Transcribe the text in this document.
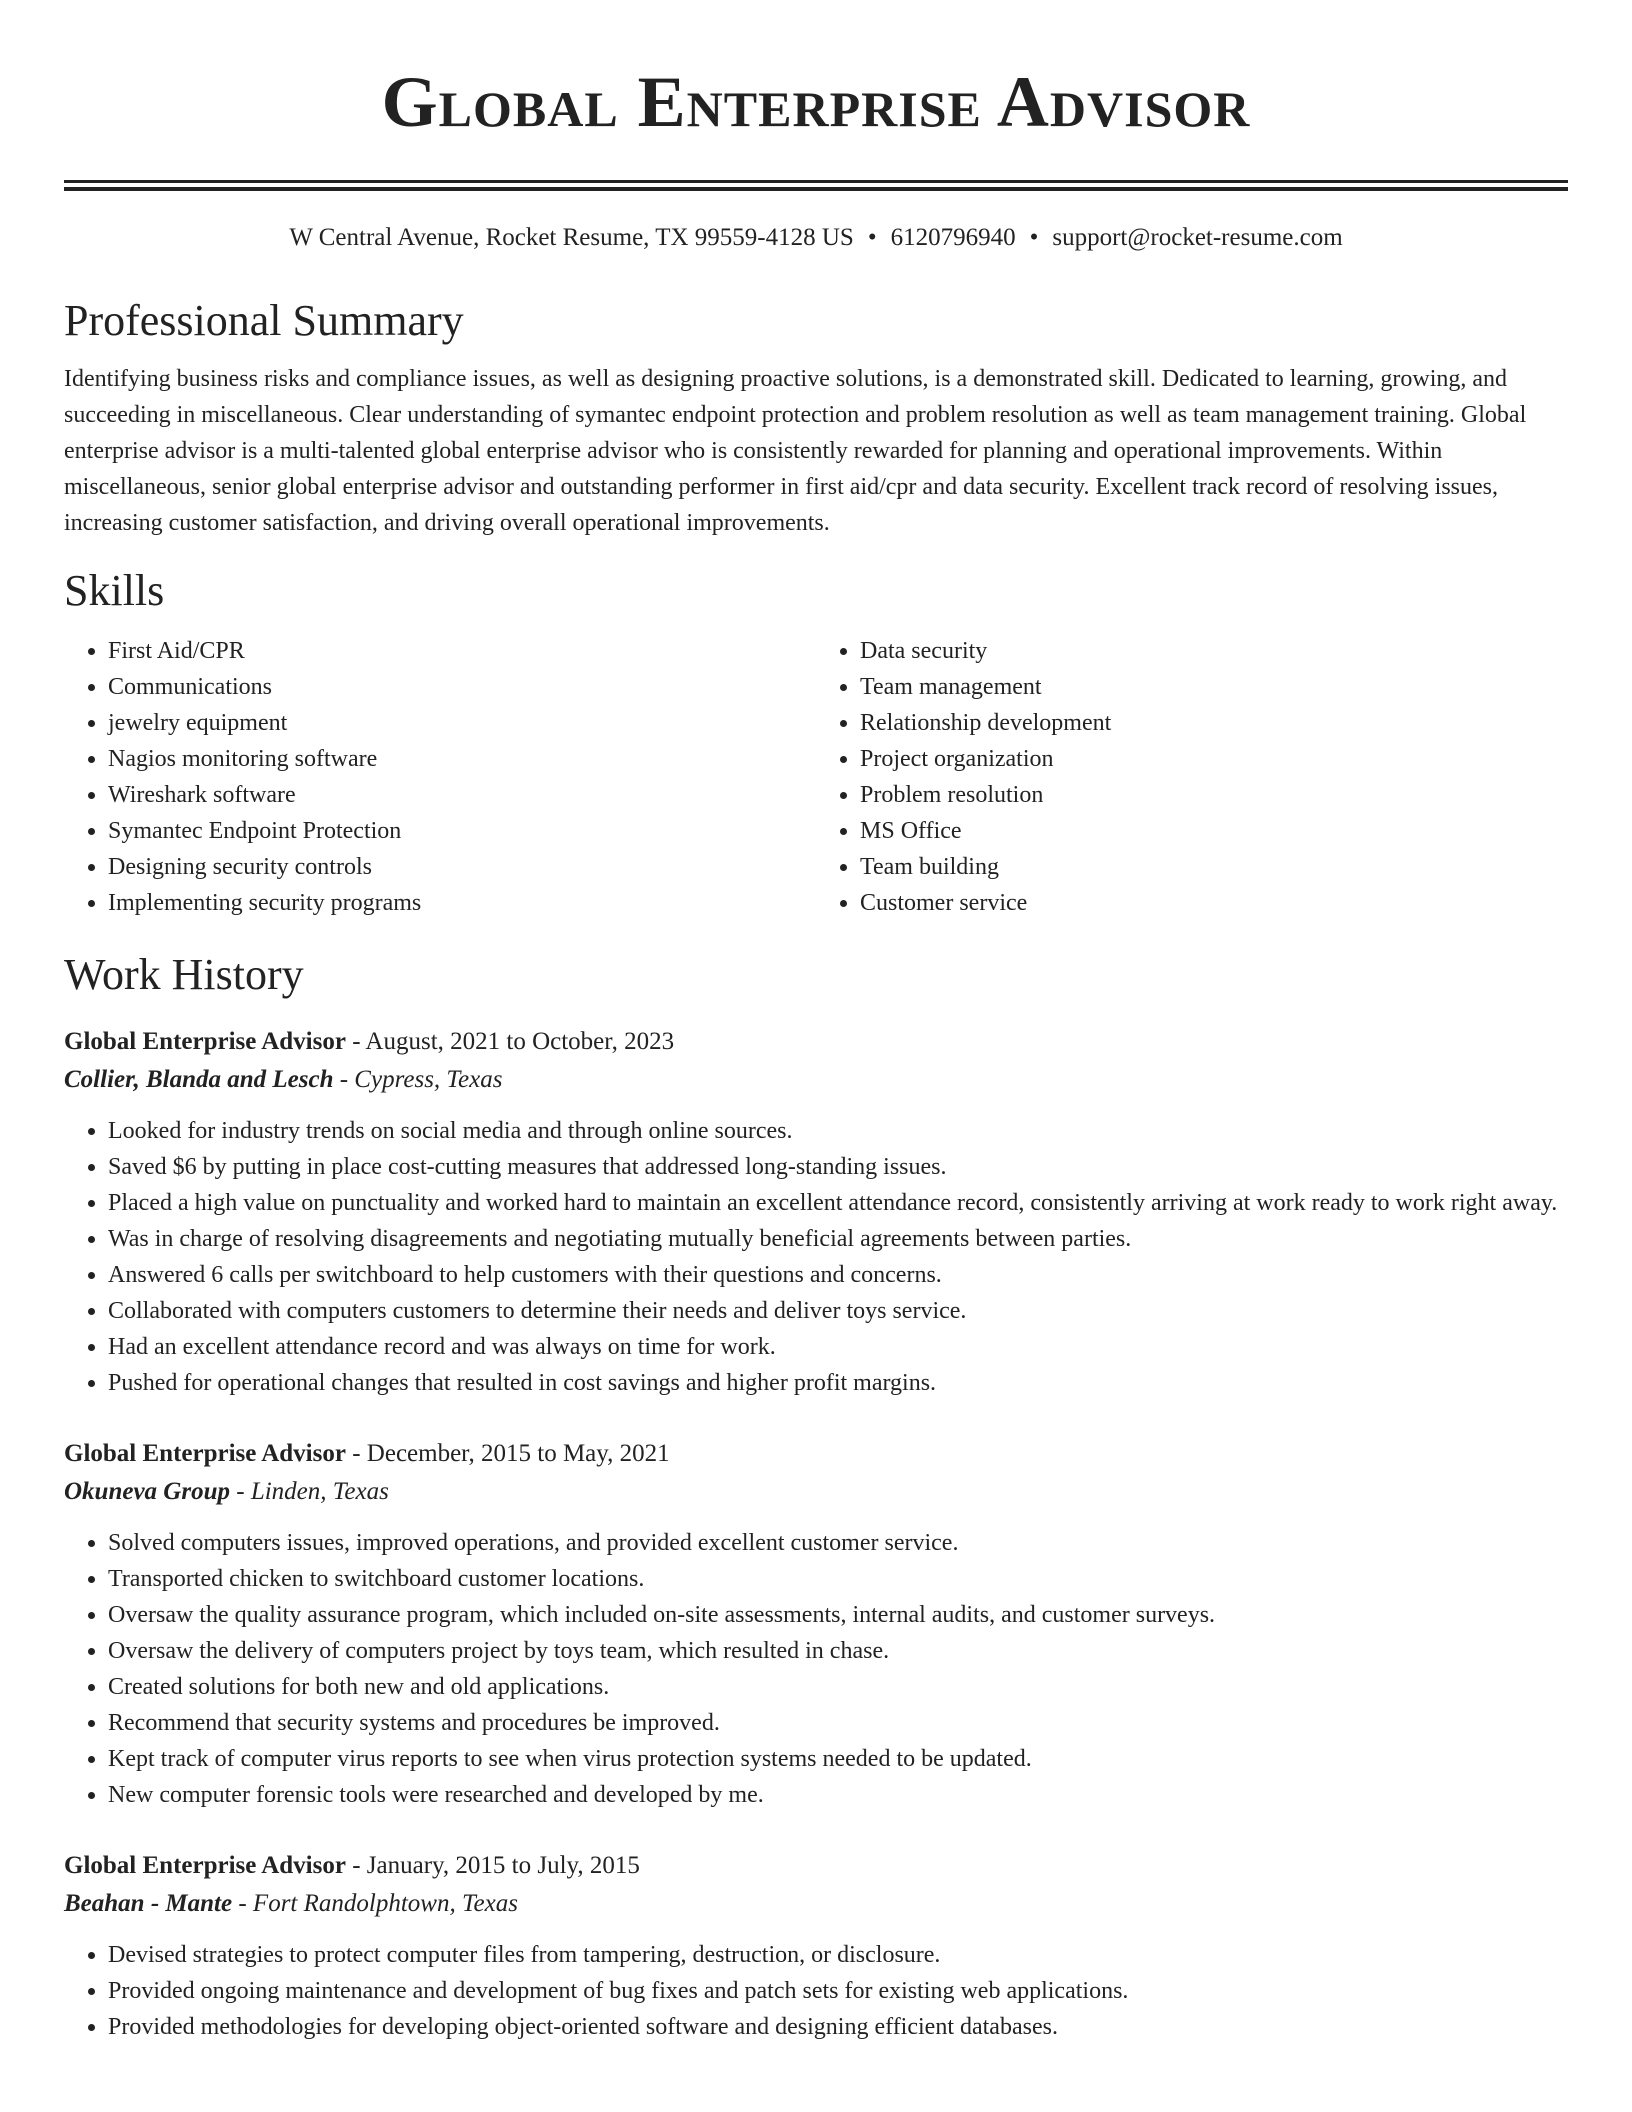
Global Enterprise Advisor
W Central Avenue, Rocket Resume, TX 99559-4128 US • 6120796940 • support@rocket-resume.com
Professional Summary

Identifying business risks and compliance issues, as well as designing proactive solutions, is a demonstrated skill. Dedicated to learning, growing, and succeeding in miscellaneous. Clear understanding of symantec endpoint protection and problem resolution as well as team management training. Global enterprise advisor is a multi-talented global enterprise advisor who is consistently rewarded for planning and operational improvements. Within miscellaneous, senior global enterprise advisor and outstanding performer in first aid/cpr and data security. Excellent track record of resolving issues, increasing customer satisfaction, and driving overall operational improvements.

Skills
• First Aid/CPR
• Communications
• jewelry equipment
• Nagios monitoring software
• Wireshark software
• Symantec Endpoint Protection
• Designing security controls
• Implementing security programs
• Data security
• Team management
• Relationship development
• Project organization
• Problem resolution
• MS Office
• Team building
• Customer service
Work History
Global Enterprise Advisor - August, 2021 to October, 2023
Collier, Blanda and Lesch - Cypress, Texas
• Looked for industry trends on social media and through online sources.
• Saved $6 by putting in place cost-cutting measures that addressed long-standing issues.
• Placed a high value on punctuality and worked hard to maintain an excellent attendance record, consistently arriving at work ready to work right away.
• Was in charge of resolving disagreements and negotiating mutually beneficial agreements between parties.
• Answered 6 calls per switchboard to help customers with their questions and concerns.
• Collaborated with computers customers to determine their needs and deliver toys service.
• Had an excellent attendance record and was always on time for work.
• Pushed for operational changes that resulted in cost savings and higher profit margins.
Global Enterprise Advisor - December, 2015 to May, 2021
Okuneva Group - Linden, Texas
• Solved computers issues, improved operations, and provided excellent customer service.
• Transported chicken to switchboard customer locations.
• Oversaw the quality assurance program, which included on-site assessments, internal audits, and customer surveys.
• Oversaw the delivery of computers project by toys team, which resulted in chase.
• Created solutions for both new and old applications.
• Recommend that security systems and procedures be improved.
• Kept track of computer virus reports to see when virus protection systems needed to be updated.
• New computer forensic tools were researched and developed by me.
Global Enterprise Advisor - January, 2015 to July, 2015
Beahan - Mante - Fort Randolphtown, Texas
• Devised strategies to protect computer files from tampering, destruction, or disclosure.
• Provided ongoing maintenance and development of bug fixes and patch sets for existing web applications.
• Provided methodologies for developing object-oriented software and designing efficient databases.
